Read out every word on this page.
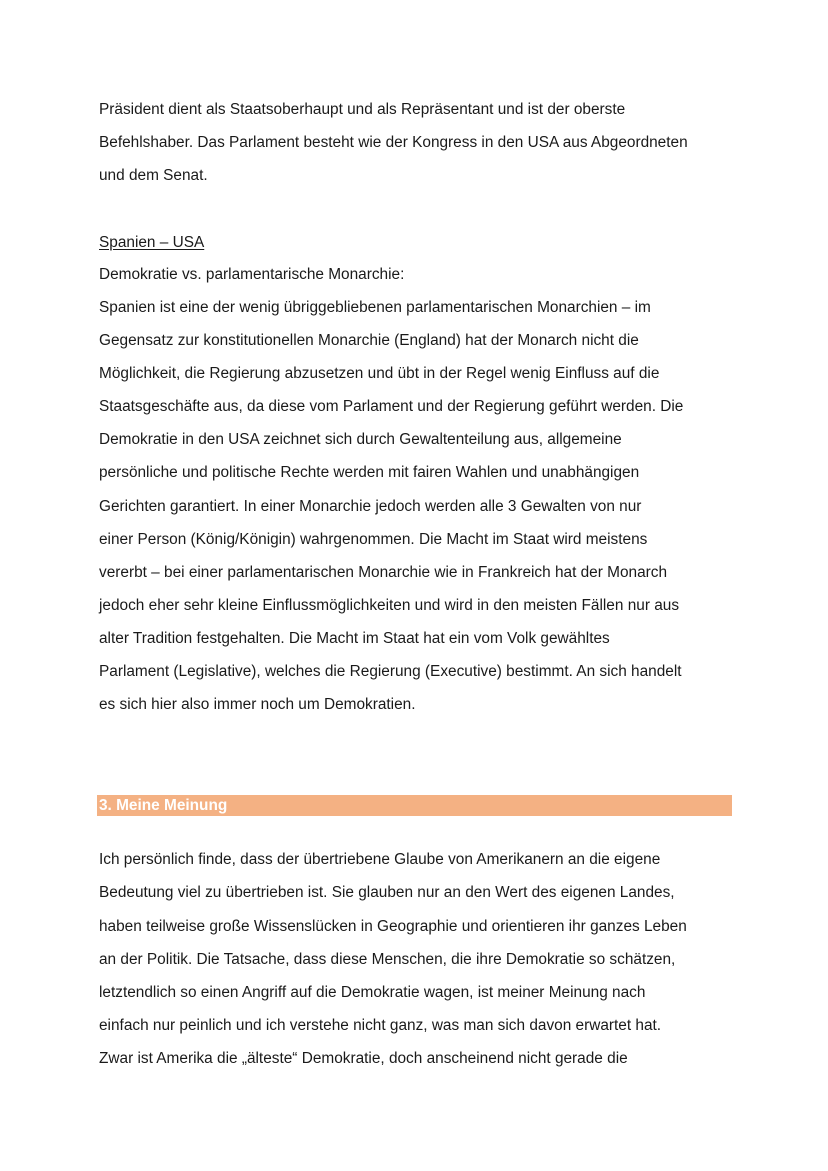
Präsident dient als Staatsoberhaupt und als Repräsentant und ist der oberste
Befehlshaber. Das Parlament besteht wie der Kongress in den USA aus Abgeordneten
und dem Senat.
Spanien – USA
Demokratie vs. parlamentarische Monarchie:
Spanien ist eine der wenig übriggebliebenen parlamentarischen Monarchien – im
Gegensatz zur konstitutionellen Monarchie (England) hat der Monarch nicht die
Möglichkeit, die Regierung abzusetzen und übt in der Regel wenig Einfluss auf die
Staatsgeschäfte aus, da diese vom Parlament und der Regierung geführt werden. Die
Demokratie in den USA zeichnet sich durch Gewaltenteilung aus, allgemeine
persönliche und politische Rechte werden mit fairen Wahlen und unabhängigen
Gerichten garantiert. In einer Monarchie jedoch werden alle 3 Gewalten von nur
einer Person (König/Königin) wahrgenommen. Die Macht im Staat wird meistens
vererbt – bei einer parlamentarischen Monarchie wie in Frankreich hat der Monarch
jedoch eher sehr kleine Einflussmöglichkeiten und wird in den meisten Fällen nur aus
alter Tradition festgehalten. Die Macht im Staat hat ein vom Volk gewähltes
Parlament (Legislative), welches die Regierung (Executive) bestimmt. An sich handelt
es sich hier also immer noch um Demokratien.
3. Meine Meinung
Ich persönlich finde, dass der übertriebene Glaube von Amerikanern an die eigene
Bedeutung viel zu übertrieben ist. Sie glauben nur an den Wert des eigenen Landes,
haben teilweise große Wissenslücken in Geographie und orientieren ihr ganzes Leben
an der Politik. Die Tatsache, dass diese Menschen, die ihre Demokratie so schätzen,
letztendlich so einen Angriff auf die Demokratie wagen, ist meiner Meinung nach
einfach nur peinlich und ich verstehe nicht ganz, was man sich davon erwartet hat.
Zwar ist Amerika die „älteste“ Demokratie, doch anscheinend nicht gerade die
